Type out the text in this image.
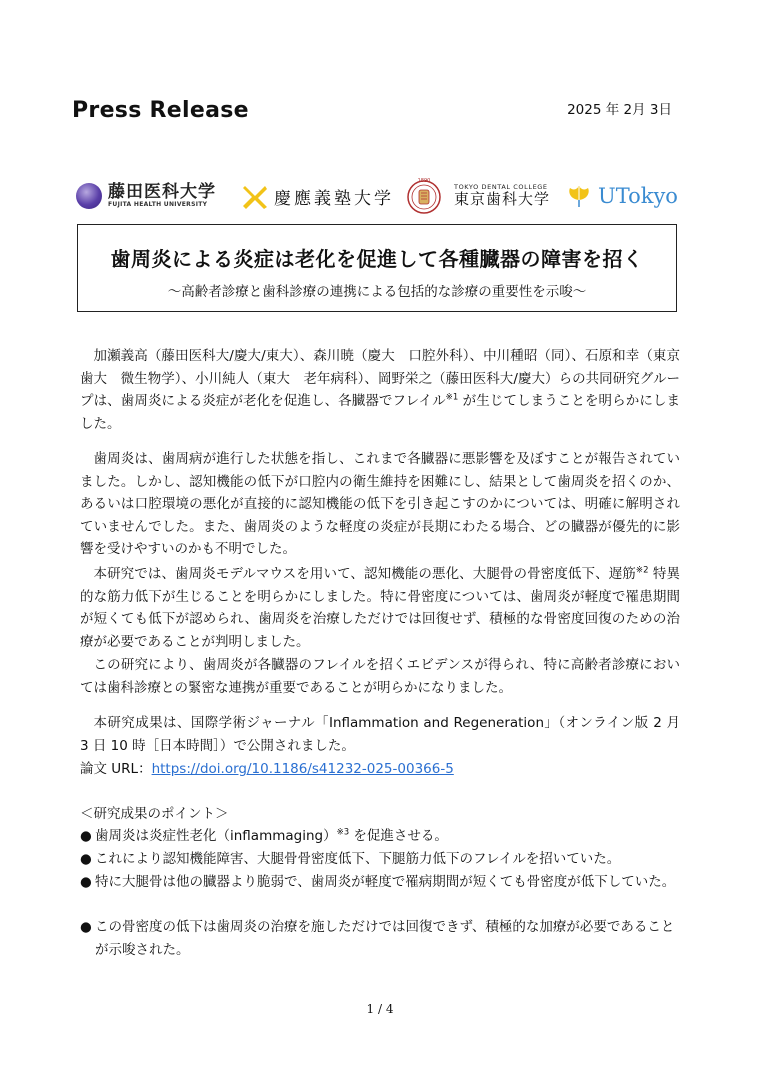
Press Release	2025 年 2月 3日
藤田医科大学
FUJITA HEALTH UNIVERSITY	慶應義塾大学
1890
TOKYO DENTAL COLLEGE
東京歯科大学 UTokyo
歯周炎による炎症は老化を促進して各種臓器の障害を招く
～高齢者診療と歯科診療の連携による包括的な診療の重要性を示唆～

加瀬義高（藤田医科大/慶大/東大）、森川暁（慶大　口腔外科）、中川種昭（同）、石原和幸（東京歯大　微生物学）、小川純人（東大　老年病科）、岡野栄之（藤田医科大/慶大）らの共同研究グループは、歯周炎による炎症が老化を促進し、各臓器でフレイル$^{※1}$ が生じてしまうことを明らかにしました。

歯周炎は、歯周病が進行した状態を指し、これまで各臓器に悪影響を及ぼすことが報告されていました。しかし、認知機能の低下が口腔内の衛生維持を困難にし、結果として歯周炎を招くのか、あるいは口腔環境の悪化が直接的に認知機能の低下を引き起こすのかについては、明確に解明されていませんでした。また、歯周炎のような軽度の炎症が長期にわたる場合、どの臓器が優先的に影響を受けやすいのかも不明でした。

本研究では、歯周炎モデルマウスを用いて、認知機能の悪化、大腿骨の骨密度低下、遅筋$^{※2}$ 特異的な筋力低下が生じることを明らかにしました。特に骨密度については、歯周炎が軽度で罹患期間が短くても低下が認められ、歯周炎を治療しただけでは回復せず、積極的な骨密度回復のための治療が必要であることが判明しました。

この研究により、歯周炎が各臓器のフレイルを招くエビデンスが得られ、特に高齢者診療においては歯科診療との緊密な連携が重要であることが明らかになりました。

本研究成果は、国際学術ジャーナル「Inflammation and Regeneration」（オンライン版 2 月 3 日 10 時［日本時間］）で公開されました。

論文 URL：https://doi.org/10.1186/s41232-025-00366-5
＜研究成果のポイント＞
● 歯周炎は炎症性老化（inflammaging）$^{※3}$ を促進させる。
● これにより認知機能障害、大腿骨骨密度低下、下腿筋力低下のフレイルを招いていた。
● 特に大腿骨は他の臓器より脆弱で、歯周炎が軽度で罹病期間が短くても骨密度が低下していた。
● この骨密度の低下は歯周炎の治療を施しただけでは回復できず、積極的な加療が必要であることが示唆された。
1 / 4
